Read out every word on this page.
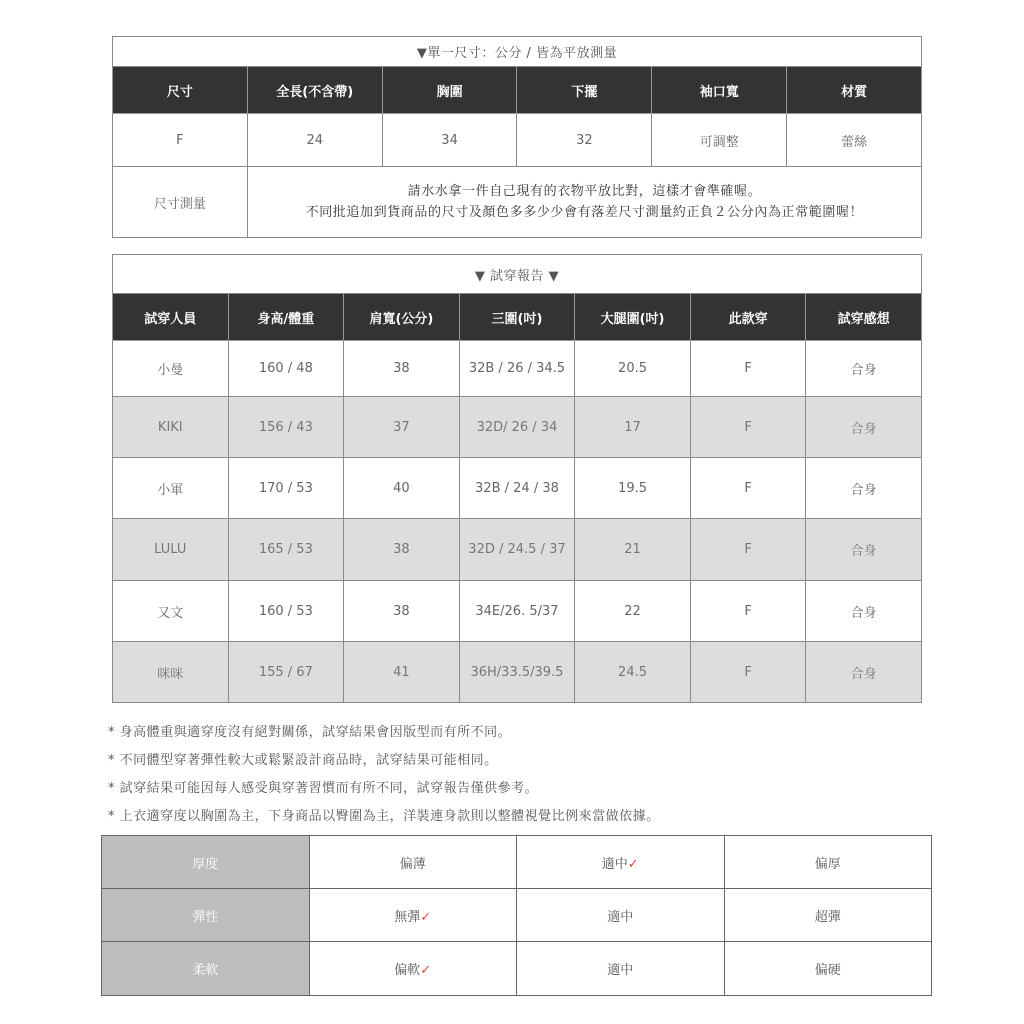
▼單一尺寸：公分 / 皆為平放測量					
尺寸	全長(不含帶)	胸圍	下擺	袖口寬	材質
F	24	34	32	可調整	蕾絲
尺寸測量	請水水拿一件自己現有的衣物平放比對，這樣才會準確喔。
不同批追加到貨商品的尺寸及顏色多多少少會有落差尺寸測量約正負２公分內為正常範圍喔！				
▼ 試穿報告 ▼						
試穿人員	身高/體重	肩寬(公分)	三圍(吋)	大腿圍(吋)	此款穿	試穿感想
小曼	160 / 48	38	32B / 26 / 34.5	20.5	F	合身
KIKI	156 / 43	37	32D/ 26 / 34	17	F	合身
小軍	170 / 53	40	32B / 24 / 38	19.5	F	合身
LULU	165 / 53	38	32D / 24.5 / 37	21	F	合身
又文	160 / 53	38	34E/26. 5/37	22	F	合身
咪咪	155 / 67	41	36H/33.5/39.5	24.5	F	合身
* 身高體重與適穿度沒有絕對關係，試穿結果會因版型而有所不同。
* 不同體型穿著彈性較大或鬆緊設計商品時，試穿結果可能相同。
* 試穿結果可能因每人感受與穿著習慣而有所不同，試穿報告僅供參考。
* 上衣適穿度以胸圍為主，下身商品以臀圍為主，洋裝連身款則以整體視覺比例來當做依據。
厚度	偏薄	適中✓	偏厚
彈性	無彈✓	適中	超彈
柔軟	偏軟✓	適中	偏硬
